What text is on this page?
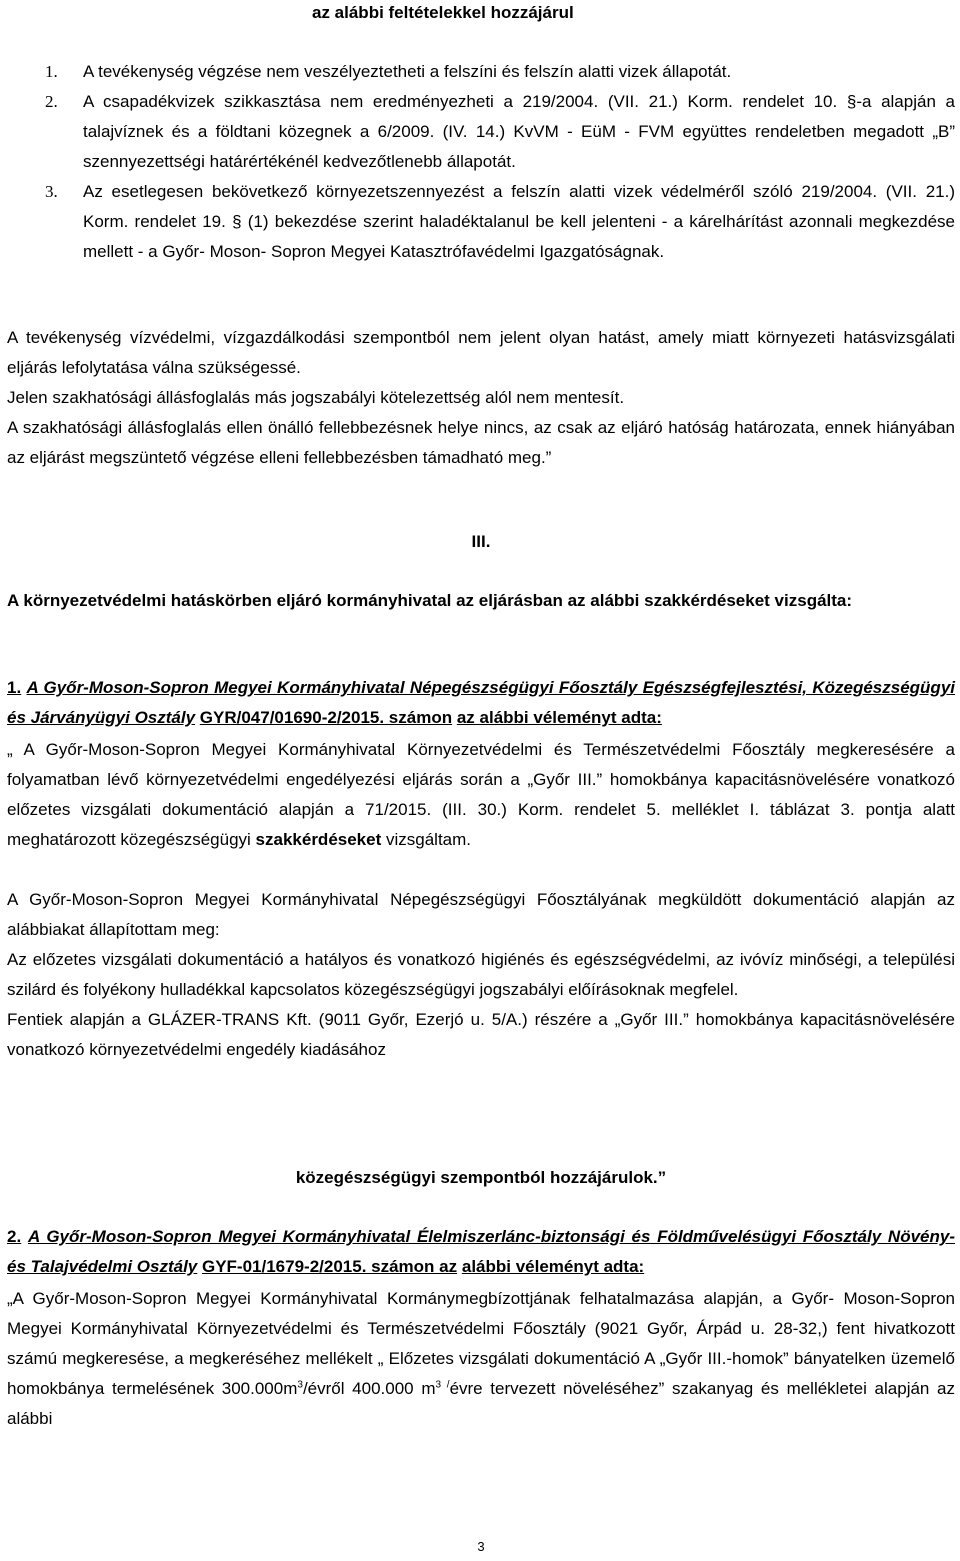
az alábbi feltételekkel hozzájárul
1. A tevékenység végzése nem veszélyeztetheti a felszíni és felszín alatti vizek állapotát.
2. A csapadékvizek szikkasztása nem eredményezheti a 219/2004. (VII. 21.) Korm. rendelet 10. §-a alapján a talajvíznek és a földtani közegnek a 6/2009. (IV. 14.) KvVM - EüM - FVM együttes rendeletben megadott „B” szennyezettségi határértékénél kedvezőtlenebb állapotát.
3. Az esetlegesen bekövetkező környezetszennyezést a felszín alatti vizek védelméről szóló 219/2004. (VII. 21.) Korm. rendelet 19. § (1) bekezdése szerint haladéktalanul be kell jelenteni - a kárelhárítást azonnali megkezdése mellett - a Győr- Moson- Sopron Megyei Katasztrófavédelmi Igazgatóságnak.

A tevékenység vízvédelmi, vízgazdálkodási szempontból nem jelent olyan hatást, amely miatt környezeti hatásvizsgálati eljárás lefolytatása válna szükségessé.

Jelen szakhatósági állásfoglalás más jogszabályi kötelezettség alól nem mentesít.

A szakhatósági állásfoglalás ellen önálló fellebbezésnek helye nincs, az csak az eljáró hatóság határozata, ennek hiányában az eljárást megszüntető végzése elleni fellebbezésben támadható meg.”

III.

A környezetvédelmi hatáskörben eljáró kormányhivatal az eljárásban az alábbi szakkérdéseket vizsgálta:

1. A Győr-Moson-Sopron Megyei Kormányhivatal Népegészségügyi Főosztály Egészségfejlesztési, Közegészségügyi és Járványügyi Osztály GYR/047/01690-2/2015. számon az alábbi véleményt adta:

„ A Győr-Moson-Sopron Megyei Kormányhivatal Környezetvédelmi és Természetvédelmi Főosztály megkeresésére a folyamatban lévő környezetvédelmi engedélyezési eljárás során a „Győr III.” homokbánya kapacitásnövelésére vonatkozó előzetes vizsgálati dokumentáció alapján a 71/2015. (III. 30.) Korm. rendelet 5. melléklet I. táblázat 3. pontja alatt meghatározott közegészségügyi szakkérdéseket vizsgáltam.

A Győr-Moson-Sopron Megyei Kormányhivatal Népegészségügyi Főosztályának megküldött dokumentáció alapján az alábbiakat állapítottam meg:

Az előzetes vizsgálati dokumentáció a hatályos és vonatkozó higiénés és egészségvédelmi, az ivóvíz minőségi, a települési szilárd és folyékony hulladékkal kapcsolatos közegészségügyi jogszabályi előírásoknak megfelel.

Fentiek alapján a GLÁZER-TRANS Kft. (9011 Győr, Ezerjó u. 5/A.) részére a „Győr III.” homokbánya kapacitásnövelésére vonatkozó környezetvédelmi engedély kiadásához

közegészségügyi szempontból hozzájárulok.”

2. A Győr-Moson-Sopron Megyei Kormányhivatal Élelmiszerlánc-biztonsági és Földművelésügyi Főosztály Növény-és Talajvédelmi Osztály GYF-01/1679-2/2015. számon az alábbi véleményt adta:

„A Győr-Moson-Sopron Megyei Kormányhivatal Kormánymegbízottjának felhatalmazása alapján, a Győr- Moson-Sopron Megyei Kormányhivatal Környezetvédelmi és Természetvédelmi Főosztály (9021 Győr, Árpád u. 28-32,) fent hivatkozott számú megkeresése, a megkeréséhez mellékelt „ Előzetes vizsgálati dokumentáció A „Győr III.-homok” bányatelken üzemelő homokbánya termelésének $300.000m^3$/évről 400.000 $m^{3 /}évre$ tervezett növeléséhez” szakanyag és mellékletei alapján az alábbi

3
